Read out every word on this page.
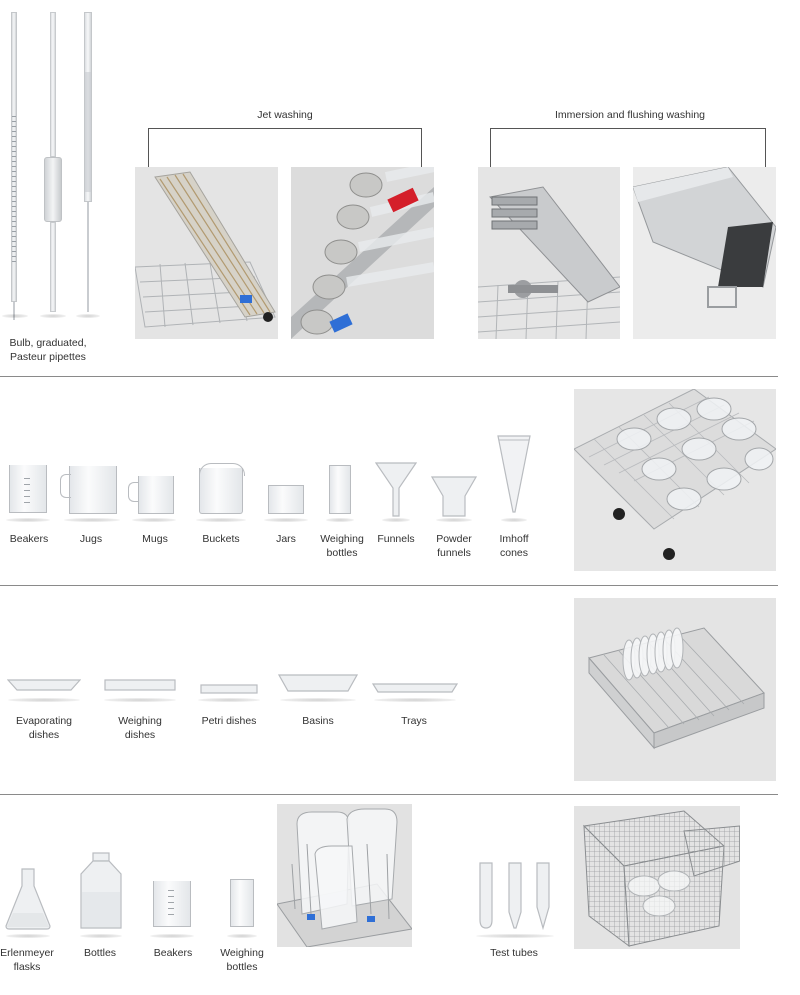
Bulb, graduated,
Pasteur pipettes
Jet washing	Immersion and flushing washing
Beakers	Jugs	Mugs	Buckets	Jars	Weighing
bottles
Funnels	Powder
funnels
Imhoff
cones
Evaporating
dishes
Weighing
dishes
Petri dishes	Basins	Trays
Erlenmeyer
flasks
Bottles	Beakers	Weighing
bottles
Test tubes
